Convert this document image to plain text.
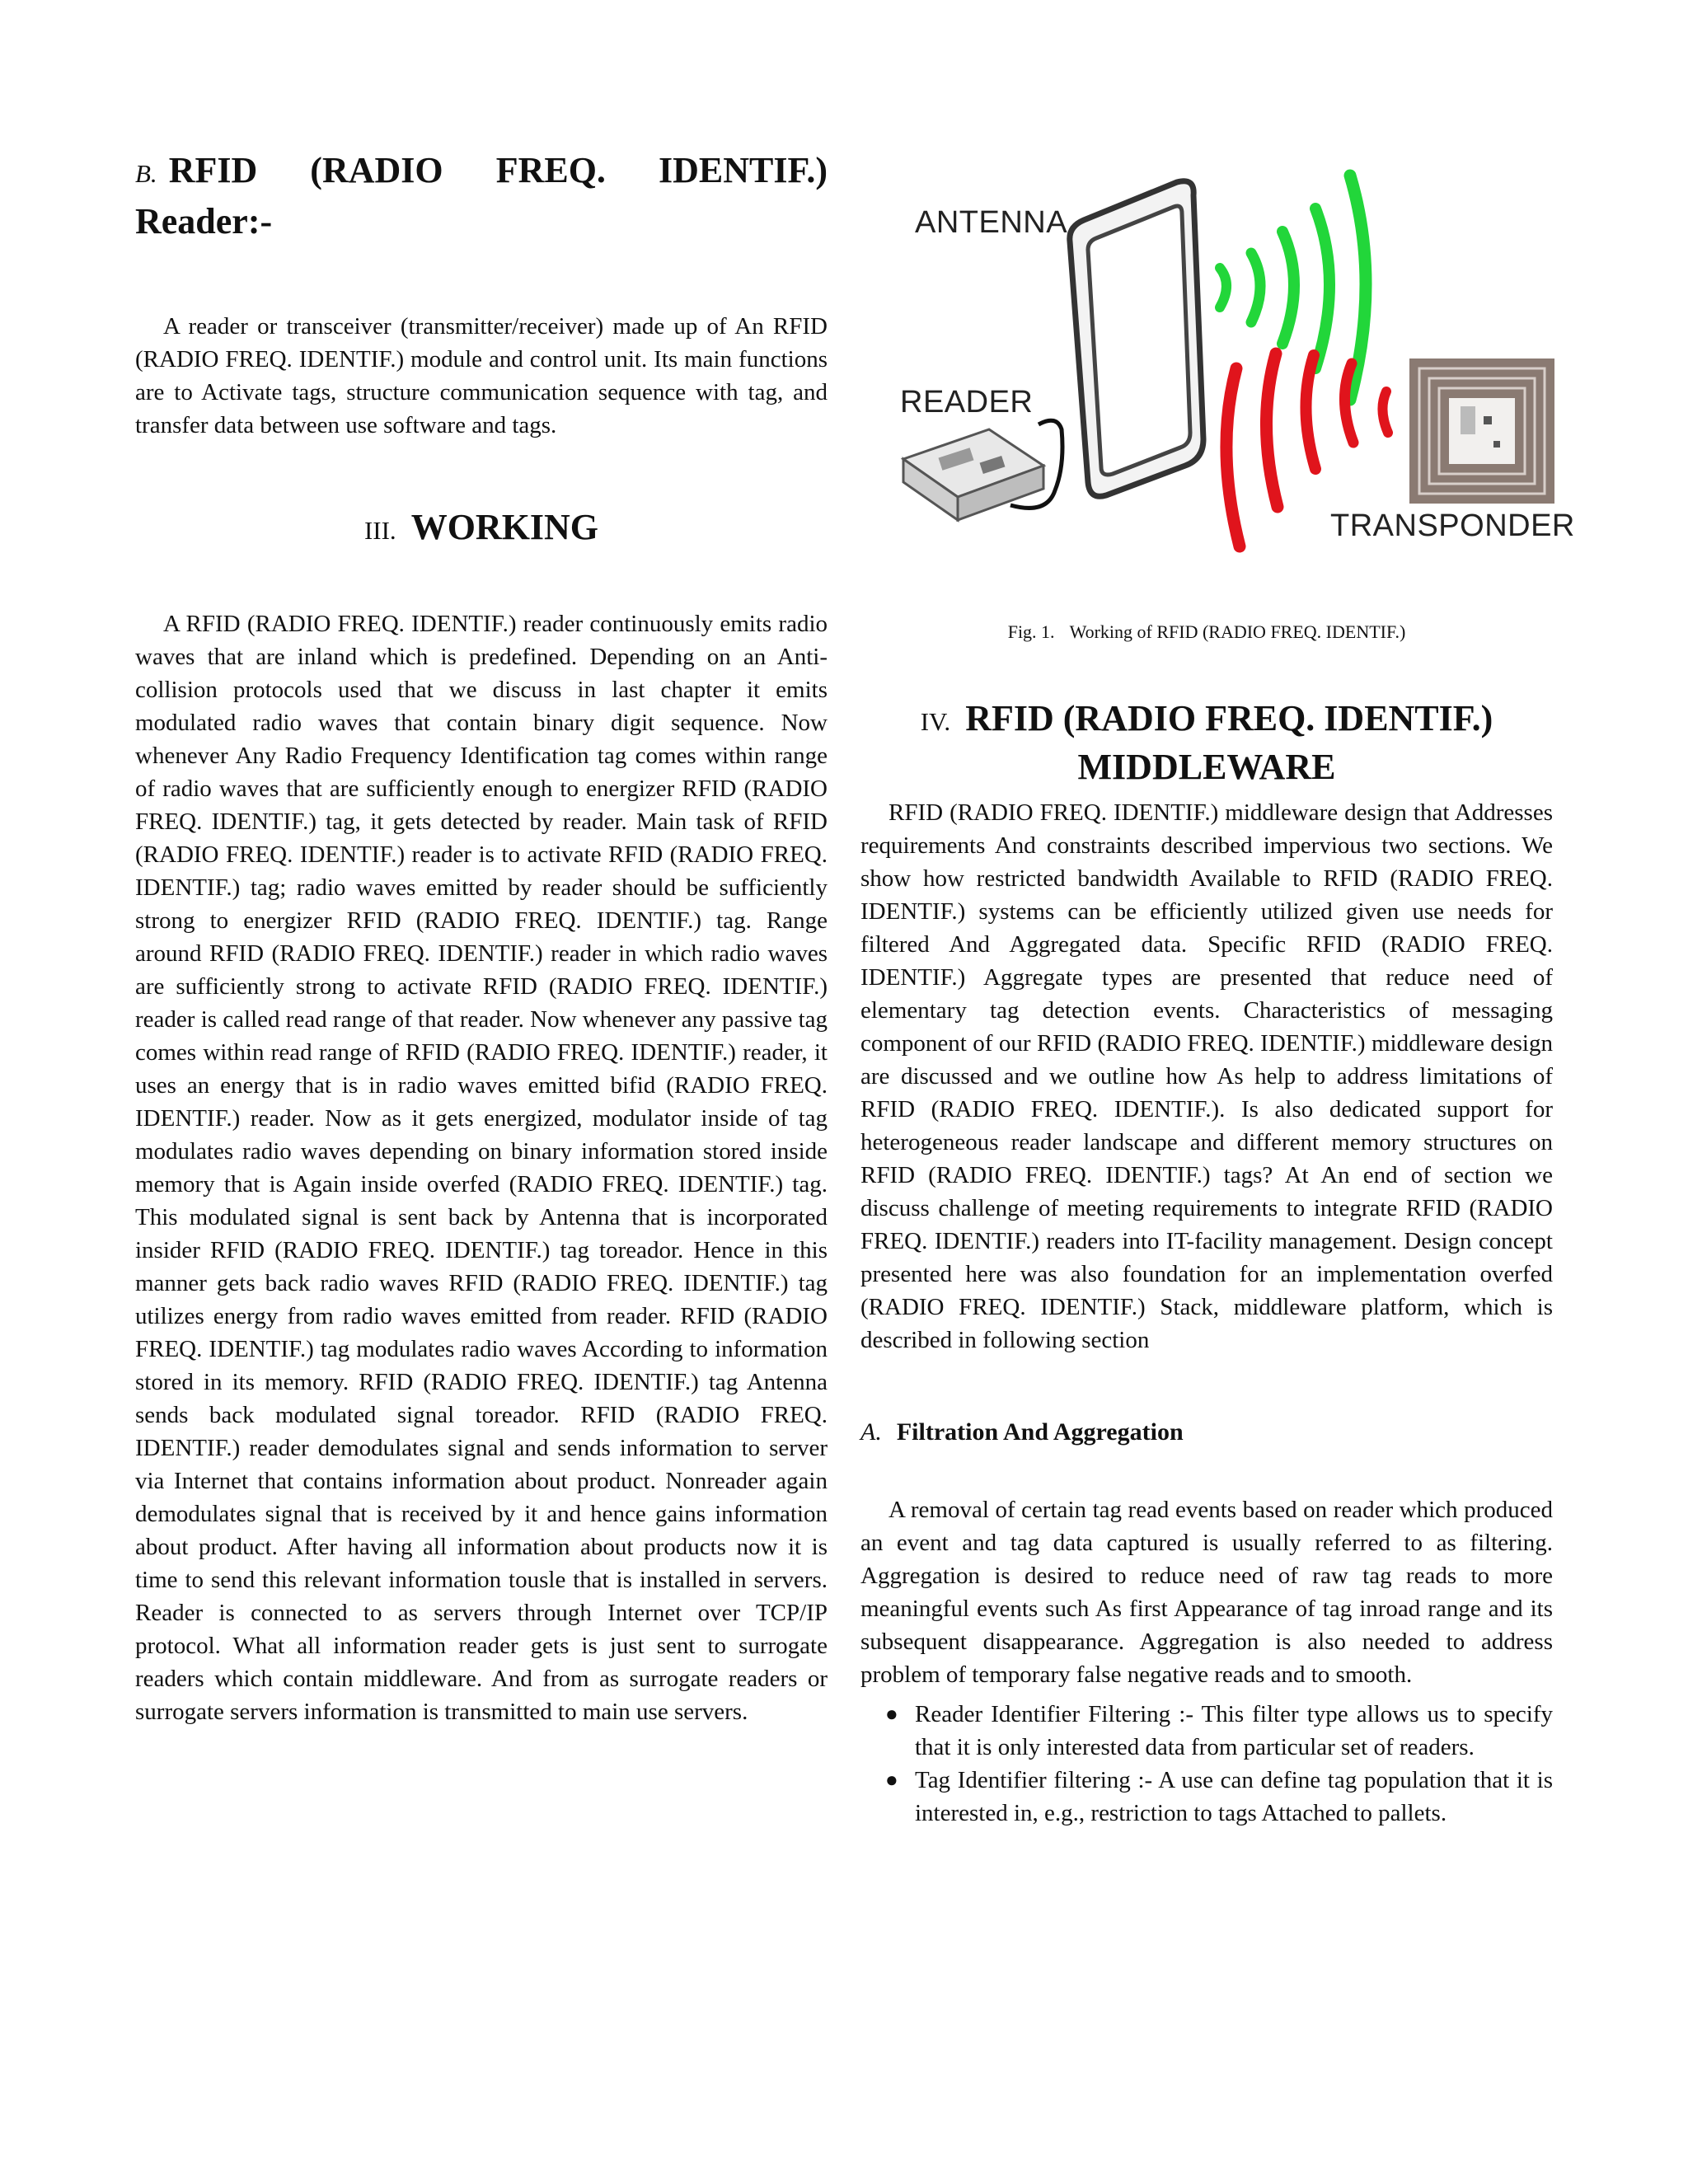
B. RFID (RADIO FREQ. IDENTIF.) Reader:-

A reader or transceiver (transmitter/receiver) made up of An RFID (RADIO FREQ. IDENTIF.) module and control unit. Its main functions are to Activate tags, structure communication sequence with tag, and transfer data between use software and tags.

III. WORKING

A RFID (RADIO FREQ. IDENTIF.) reader continuously emits radio waves that are inland which is predefined. Depending on an Anti-collision protocols used that we discuss in last chapter it emits modulated radio waves that contain binary digit sequence. Now whenever Any Radio Frequency Identification tag comes within range of radio waves that are sufficiently enough to energizer RFID (RADIO FREQ. IDENTIF.) tag, it gets detected by reader. Main task of RFID (RADIO FREQ. IDENTIF.) reader is to activate RFID (RADIO FREQ. IDENTIF.) tag; radio waves emitted by reader should be sufficiently strong to energizer RFID (RADIO FREQ. IDENTIF.) tag. Range around RFID (RADIO FREQ. IDENTIF.) reader in which radio waves are sufficiently strong to activate RFID (RADIO FREQ. IDENTIF.) reader is called read range of that reader. Now whenever any passive tag comes within read range of RFID (RADIO FREQ. IDENTIF.) reader, it uses an energy that is in radio waves emitted bifid (RADIO FREQ. IDENTIF.) reader. Now as it gets energized, modulator inside of tag modulates radio waves depending on binary information stored inside memory that is Again inside overfed (RADIO FREQ. IDENTIF.) tag. This modulated signal is sent back by Antenna that is incorporated insider RFID (RADIO FREQ. IDENTIF.) tag toreador. Hence in this manner gets back radio waves RFID (RADIO FREQ. IDENTIF.) tag utilizes energy from radio waves emitted from reader. RFID (RADIO FREQ. IDENTIF.) tag modulates radio waves According to information stored in its memory. RFID (RADIO FREQ. IDENTIF.) tag Antenna sends back modulated signal toreador. RFID (RADIO FREQ. IDENTIF.) reader demodulates signal and sends information to server via Internet that contains information about product. Nonreader again demodulates signal that is received by it and hence gains information about product. After having all information about products now it is time to send this relevant information tousle that is installed in servers. Reader is connected to as servers through Internet over TCP/IP protocol. What all information reader gets is just sent to surrogate readers which contain middleware. And from as surrogate readers or surrogate servers information is transmitted to main use servers.

ANTENNA
READER
TRANSPONDER

Fig. 1. Working of RFID (RADIO FREQ. IDENTIF.)

IV. RFID (RADIO FREQ. IDENTIF.) MIDDLEWARE

RFID (RADIO FREQ. IDENTIF.) middleware design that Addresses requirements And constraints described impervious two sections. We show how restricted bandwidth Available to RFID (RADIO FREQ. IDENTIF.) systems can be efficiently utilized given use needs for filtered And Aggregated data. Specific RFID (RADIO FREQ. IDENTIF.) Aggregate types are presented that reduce need of elementary tag detection events. Characteristics of messaging component of our RFID (RADIO FREQ. IDENTIF.) middleware design are discussed and we outline how As help to address limitations of RFID (RADIO FREQ. IDENTIF.). Is also dedicated support for heterogeneous reader landscape and different memory structures on RFID (RADIO FREQ. IDENTIF.) tags? At An end of section we discuss challenge of meeting requirements to integrate RFID (RADIO FREQ. IDENTIF.) readers into IT-facility management. Design concept presented here was also foundation for an implementation overfed (RADIO FREQ. IDENTIF.) Stack, middleware platform, which is described in following section

A. Filtration And Aggregation

A removal of certain tag read events based on reader which produced an event and tag data captured is usually referred to as filtering. Aggregation is desired to reduce need of raw tag reads to more meaningful events such As first Appearance of tag inroad range and its subsequent disappearance. Aggregation is also needed to address problem of temporary false negative reads and to smooth.

● Reader Identifier Filtering :- This filter type allows us to specify that it is only interested data from particular set of readers.
● Tag Identifier filtering :- A use can define tag population that it is interested in, e.g., restriction to tags Attached to pallets.
